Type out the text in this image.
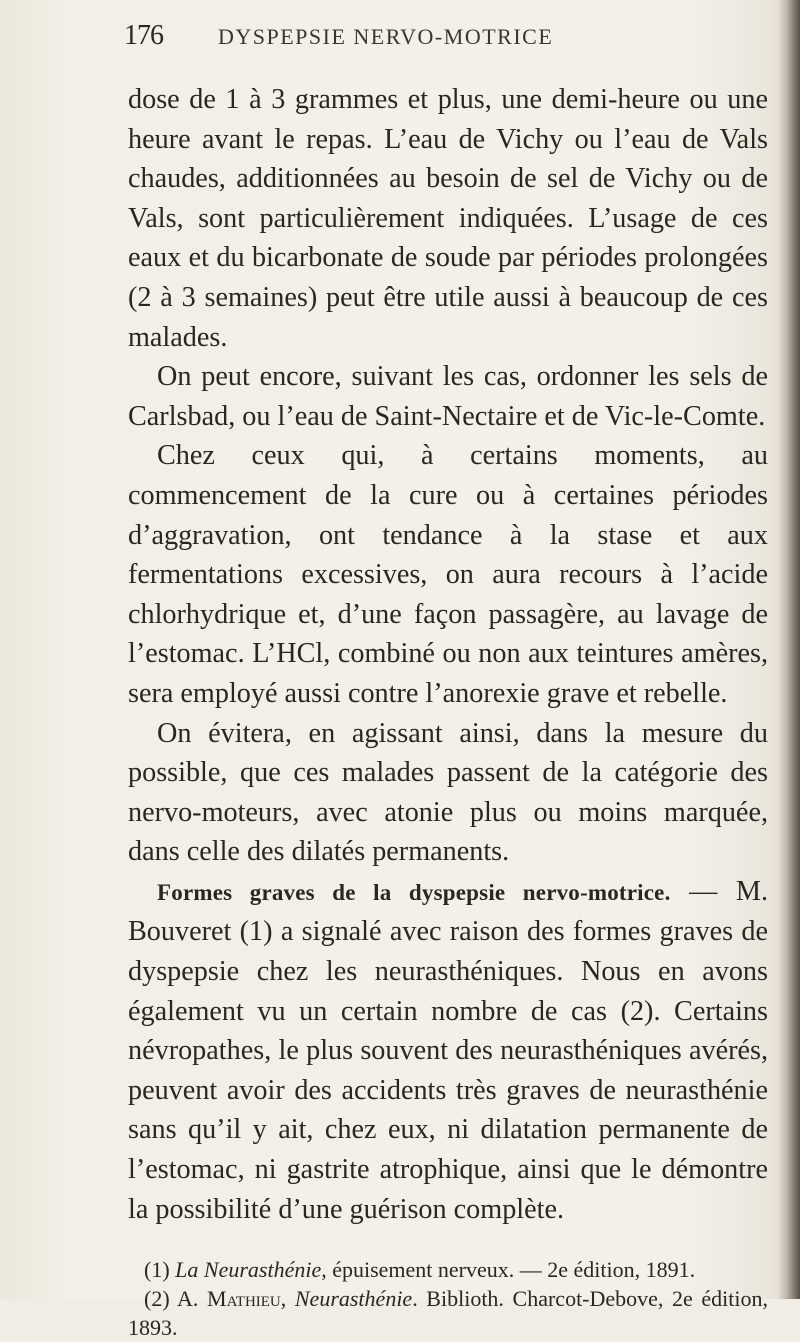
176	DYSPEPSIE NERVO-MOTRICE

dose de 1 à 3 grammes et plus, une demi-heure ou une heure avant le repas. L’eau de Vichy ou l’eau de Vals chaudes, additionnées au besoin de sel de Vichy ou de Vals, sont particulièrement indiquées. L’usage de ces eaux et du bicarbonate de soude par périodes prolongées (2 à 3 semaines) peut être utile aussi à beaucoup de ces malades.

On peut encore, suivant les cas, ordonner les sels de Carlsbad, ou l’eau de Saint-Nectaire et de Vic-le-Comte.

Chez ceux qui, à certains moments, au commencement de la cure ou à certaines périodes d’aggravation, ont tendance à la stase et aux fermentations excessives, on aura recours à l’acide chlorhydrique et, d’une façon passagère, au lavage de l’estomac. L’HCl, combiné ou non aux teintures amères, sera employé aussi contre l’anorexie grave et rebelle.

On évitera, en agissant ainsi, dans la mesure du possible, que ces malades passent de la catégorie des nervo-moteurs, avec atonie plus ou moins marquée, dans celle des dilatés permanents.

Formes graves de la dyspepsie nervo-motrice. — M. Bouveret (1) a signalé avec raison des formes graves de dyspepsie chez les neurasthéniques. Nous en avons également vu un certain nombre de cas (2). Certains névropathes, le plus souvent des neurasthéniques avérés, peuvent avoir des accidents très graves de neurasthénie sans qu’il y ait, chez eux, ni dilatation permanente de l’estomac, ni gastrite atrophique, ainsi que le démontre la possibilité d’une guérison complète.

(1) La Neurasthénie, épuisement nerveux. — 2e édition, 1891.

(2) A. Mathieu, Neurasthénie. Biblioth. Charcot-Debove, 2e édition, 1893.
